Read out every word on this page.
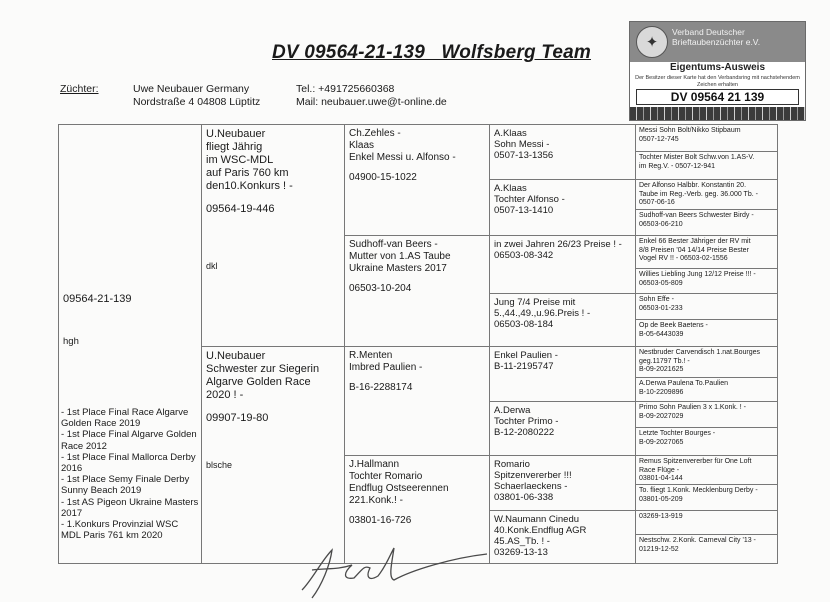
DV 09564-21-139   Wolfsberg Team
Züchter:	Uwe Neubauer Germany
Nordstraße 4 04808 Lüptitz
Tel.: +491725660368
Mail: neubauer.uwe@t-online.de
✦
Verband Deutscher Brieftaubenzüchter e.V.
Eigentums-Ausweis
Der Besitzer dieser Karte hat den Verbandsring mit nachstehendem Zeichen erhalten
DV 09564 21 139
09564-21-139
hgh
- 1st Place Final Race Algarve Golden Race 2019
- 1st Place Final Algarve Golden Race 2012
- 1st Place Final Mallorca Derby 2016
- 1st Place Semy Finale Derby Sunny Beach 2019
- 1st AS Pigeon Ukraine Masters 2017
- 1.Konkurs Provinzial WSC MDL Paris 761 km 2020
U.Neubauer
fliegt Jährig
im WSC-MDL
auf Paris 760 km
den10.Konkurs ! -
09564-19-446
dkl
U.Neubauer
Schwester zur Siegerin
Algarve Golden Race
2020 ! -
09907-19-80
blsche
Ch.Zehles -
Klaas
Enkel Messi u. Alfonso -
04900-15-1022
Sudhoff-van Beers -
Mutter von 1.AS Taube
Ukraine Masters 2017
06503-10-204
R.Menten
Imbred Paulien -
B-16-2288174
J.Hallmann
Tochter Romario
Endflug Ostseerennen
221.Konk.! -
03801-16-726
A.Klaas
Sohn Messi -
0507-13-1356
A.Klaas
Tochter Alfonso -
0507-13-1410
in zwei Jahren 26/23 Preise ! -
06503-08-342
Jung 7/4 Preise mit
5.,44.,49.,u.96.Preis ! -
06503-08-184
Enkel Paulien -
B-11-2195747
A.Derwa
Tochter Primo -
B-12-2080222
Romario
Spitzenvererber !!!
Schaerlaeckens -
03801-06-338
W.Naumann Cinedu
40.Konk.Endflug AGR
45.AS_Tb. ! -
03269-13-13
Messi Sohn Bolt/Nikko Stipbaum
0507-12-745
Tochter Mister Bolt Schw.von 1.AS-V.
im Reg.V. - 0507-12-941
Der Alfonso Halbbr. Konstantin 20.
Taube im Reg.-Verb. geg. 36.000 Tb. -
0507-06-16
Sudhoff-van Beers Schwester Birdy -
06503-06-210
Enkel 66 Bester Jähriger der RV mit
8/8 Preisen '04 14/14 Preise Bester
Vogel RV !! - 06503-02-1556
Willies Liebling Jung 12/12 Preise !!! -
06503-05-809
Sohn Effe -
06503-01-233
Op de Beek Baetens -
B-05-6443039
Nestbruder Carvendisch 1.nat.Bourges
geg.11797 Tb.! -
B-09-2021625
A.Derwa Paulena To.Paulien
B-10-2209896
Primo Sohn Paulien 3 x 1.Konk. ! -
B-09-2027029
Letzte Tochter Bourges -
B-09-2027065
Remus Spitzenvererber für One Loft
Race Flüge -
03801-04-144
To. fliegt 1.Konk. Mecklenburg Derby -
03801-05-209
03269-13-919
Nestschw. 2.Konk. Carneval City '13 -
01219-12-52
